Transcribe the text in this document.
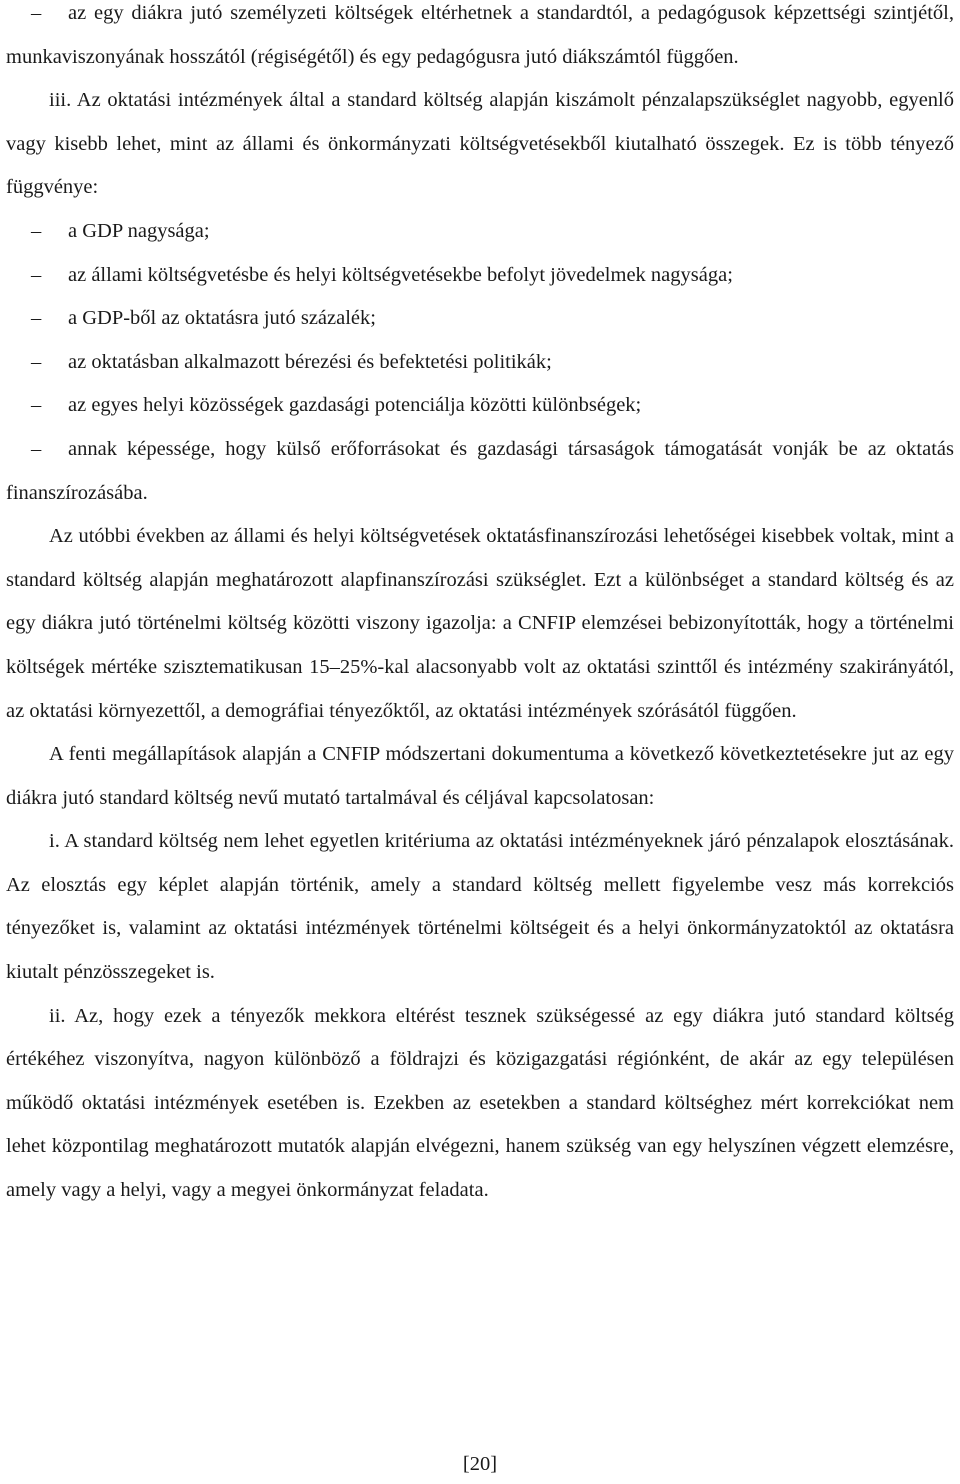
– az egy diákra jutó személyzeti költségek eltérhetnek a standardtól, a pedagógusok képzettségi szintjétől, munkaviszonyának hosszától (régiségétől) és egy pedagógusra jutó diákszámtól függően.

iii. Az oktatási intézmények által a standard költség alapján kiszámolt pénzalapszükséglet nagyobb, egyenlő vagy kisebb lehet, mint az állami és önkormányzati költségvetésekből kiutalható összegek. Ez is több tényező függvénye:

– a GDP nagysága;

– az állami költségvetésbe és helyi költségvetésekbe befolyt jövedelmek nagysága;

– a GDP-ből az oktatásra jutó százalék;

– az oktatásban alkalmazott bérezési és befektetési politikák;

– az egyes helyi közösségek gazdasági potenciálja közötti különbségek;

– annak képessége, hogy külső erőforrásokat és gazdasági társaságok támogatását vonják be az oktatás finanszírozásába.

Az utóbbi években az állami és helyi költségvetések oktatásfinanszírozási lehetőségei kisebbek voltak, mint a standard költség alapján meghatározott alapfinanszírozási szükséglet. Ezt a különbséget a standard költség és az egy diákra jutó történelmi költség közötti viszony igazolja: a CNFIP elemzései bebizonyították, hogy a történelmi költségek mértéke szisztematikusan 15–25%-kal alacsonyabb volt az oktatási szinttől és intézmény szakirányától, az oktatási környezettől, a demográfiai tényezőktől, az oktatási intézmények szórásától függően.

A fenti megállapítások alapján a CNFIP módszertani dokumentuma a következő következtetésekre jut az egy diákra jutó standard költség nevű mutató tartalmával és céljával kapcsolatosan:

i. A standard költség nem lehet egyetlen kritériuma az oktatási intézményeknek járó pénzalapok elosztásának. Az elosztás egy képlet alapján történik, amely a standard költség mellett figyelembe vesz más korrekciós tényezőket is, valamint az oktatási intézmények történelmi költségeit és a helyi önkormányzatoktól az oktatásra kiutalt pénzösszegeket is.

ii. Az, hogy ezek a tényezők mekkora eltérést tesznek szükségessé az egy diákra jutó standard költség értékéhez viszonyítva, nagyon különböző a földrajzi és közigazgatási régiónként, de akár az egy településen működő oktatási intézmények esetében is. Ezekben az esetekben a standard költséghez mért korrekciókat nem lehet központilag meghatározott mutatók alapján elvégezni, hanem szükség van egy helyszínen végzett elemzésre, amely vagy a helyi, vagy a megyei önkormányzat feladata.

[20]
